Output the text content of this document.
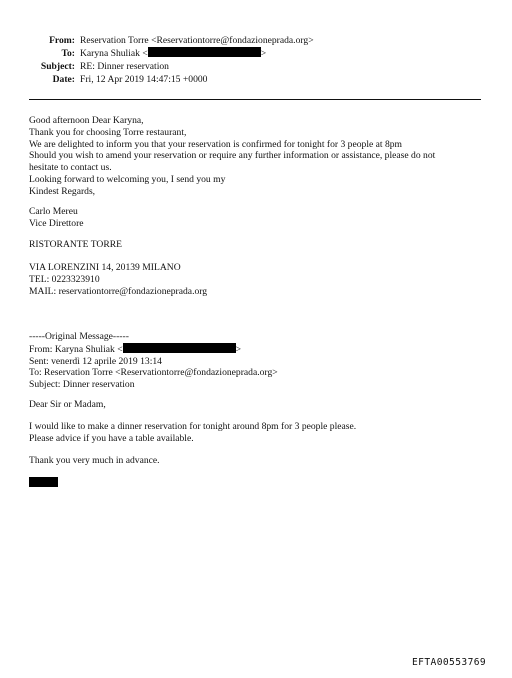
From: Reservation Torre <Reservationtorre@fondazioneprada.org>
To: Karyna Shuliak <	>
Subject: RE: Dinner reservation
Date: Fri, 12 Apr 2019 14:47:15 +0000
Good afternoon Dear Karyna,
Thank you for choosing Torre restaurant,
We are delighted to inform you that your reservation is confirmed for tonight for 3 people at 8pm
Should you wish to amend your reservation or require any further information or assistance, please do not
hesitate to contact us.
Looking forward to welcoming you, I send you my
Kindest Regards,
Carlo Mereu
Vice Direttore
RISTORANTE TORRE
VIA LORENZINI 14, 20139 MILANO
TEL: 0223323910
MAIL: reservationtorre@fondazioneprada.org
-----Original Message-----
From: Karyna Shuliak <	>
Sent: venerdì 12 aprile 2019 13:14
To: Reservation Torre <Reservationtorre@fondazioneprada.org>
Subject: Dinner reservation
Dear Sir or Madam,
I would like to make a dinner reservation for tonight around 8pm for 3 people please.
Please advice if you have a table available.
Thank you very much in advance.
EFTA00553769
